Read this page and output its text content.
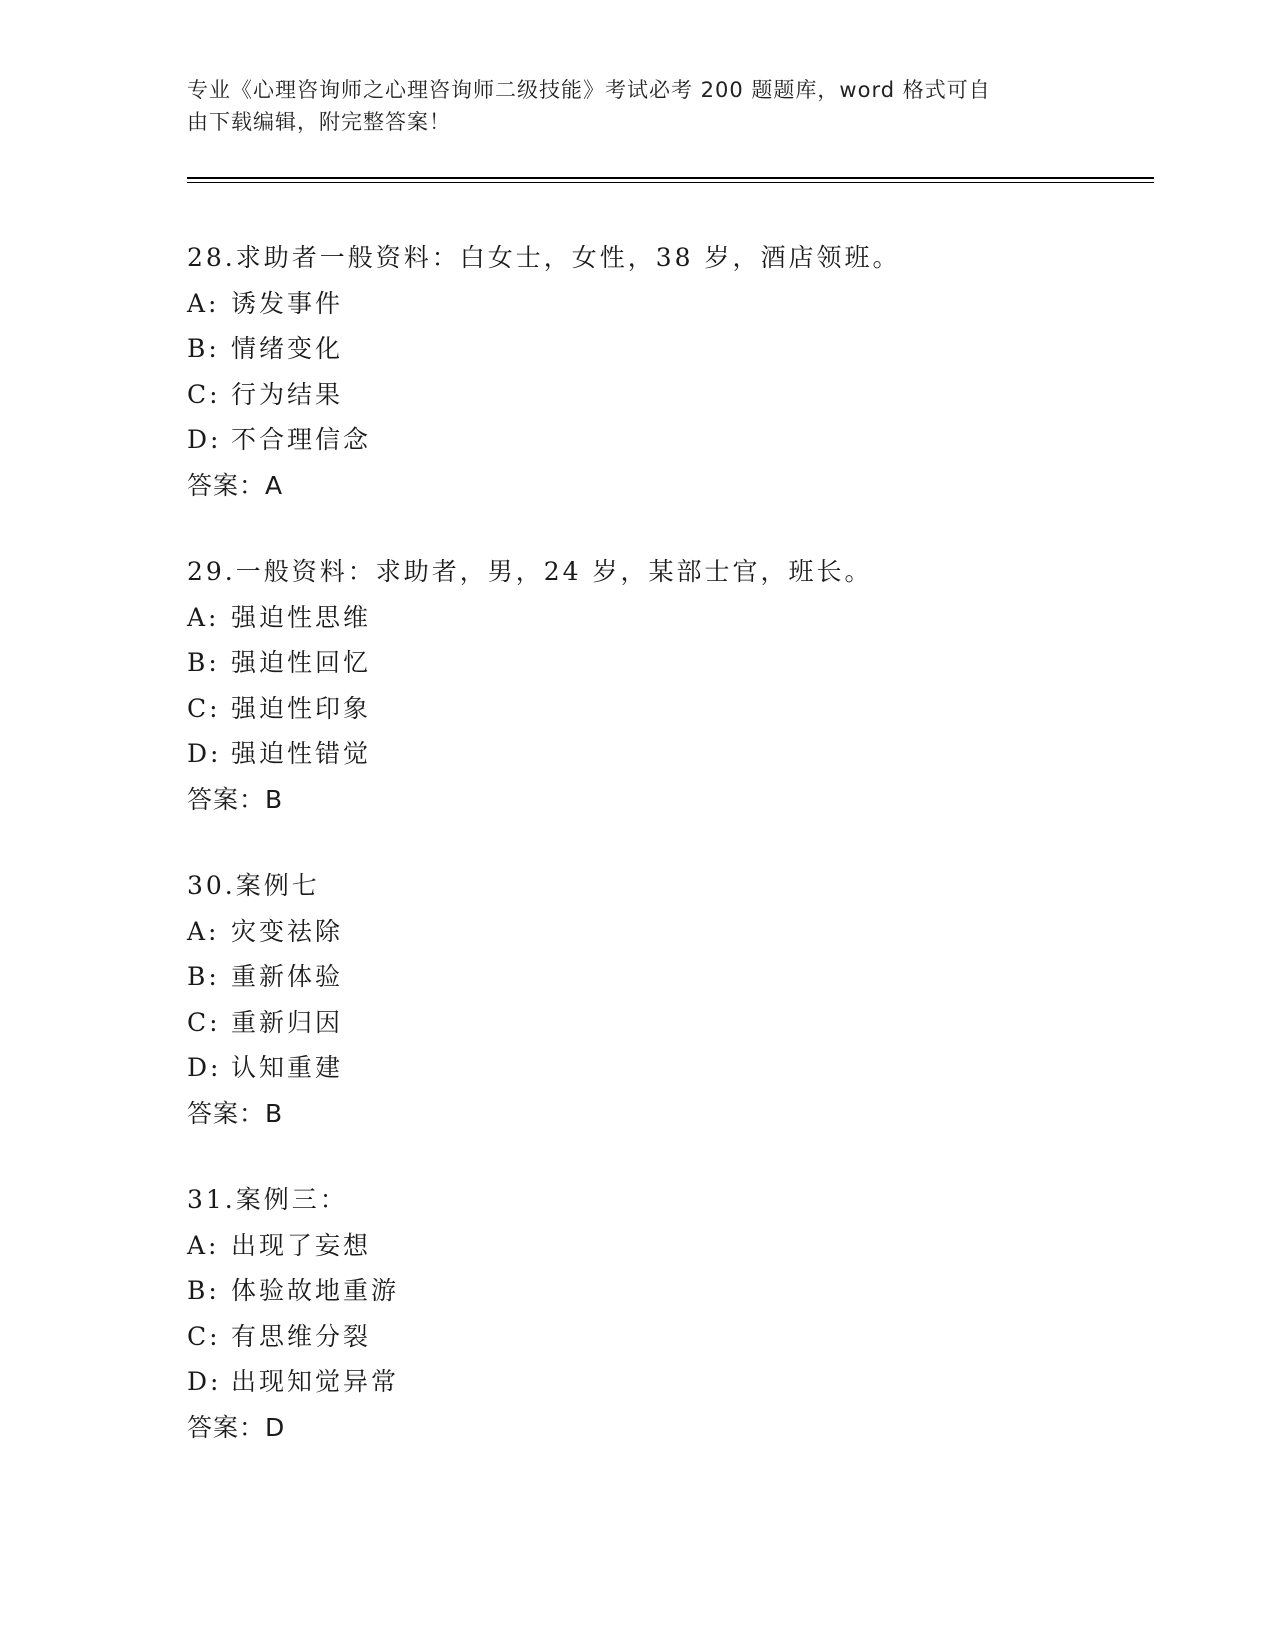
专业《心理咨询师之心理咨询师二级技能》考试必考 200 题题库，word 格式可自
由下载编辑，附完整答案！
28.求助者一般资料：白女士，女性，38 岁，酒店领班。
A: 诱发事件
B: 情绪变化
C: 行为结果
D: 不合理信念
答案：A
29.一般资料：求助者，男，24 岁，某部士官，班长。
A: 强迫性思维
B: 强迫性回忆
C: 强迫性印象
D: 强迫性错觉
答案：B
30.案例七
A: 灾变祛除
B: 重新体验
C: 重新归因
D: 认知重建
答案：B
31.案例三：
A: 出现了妄想
B: 体验故地重游
C: 有思维分裂
D: 出现知觉异常
答案：D
